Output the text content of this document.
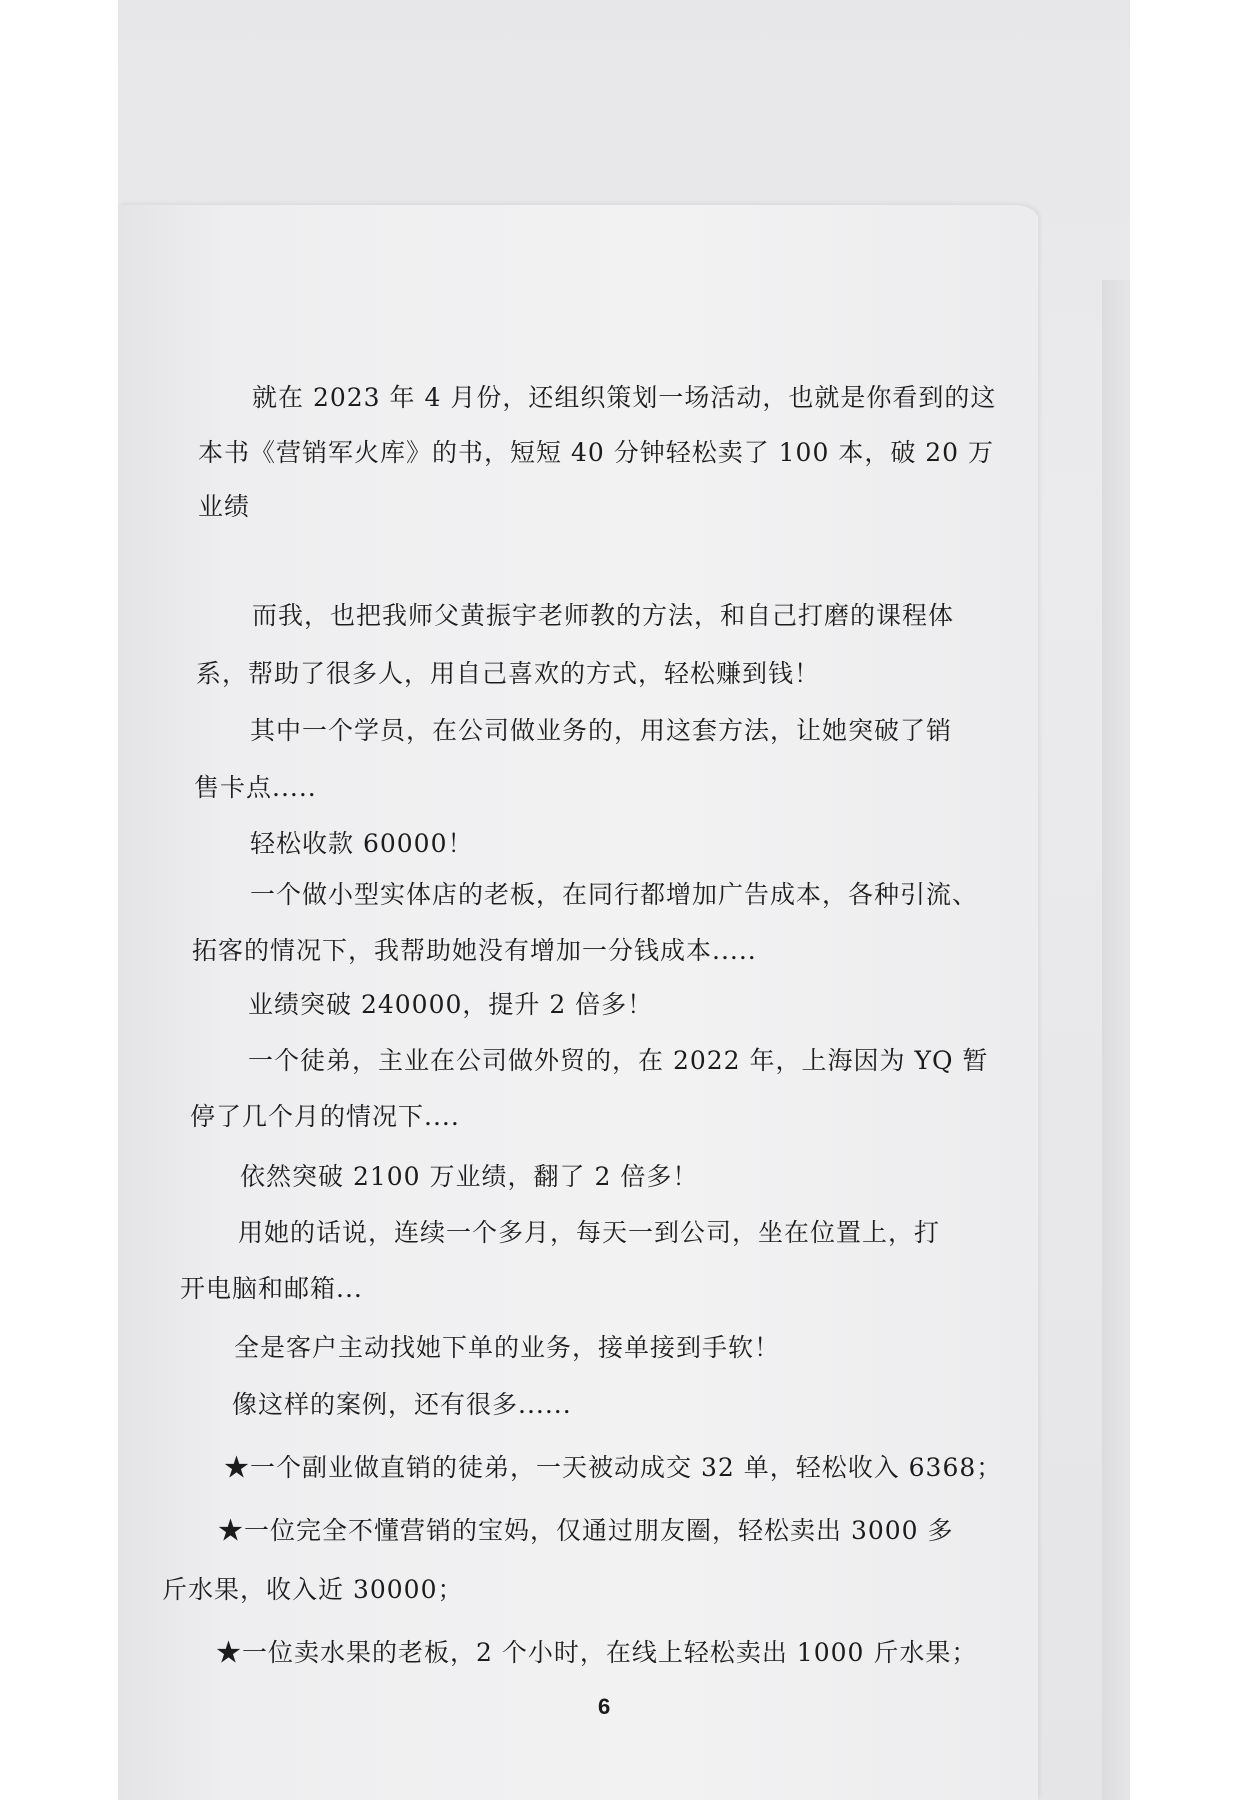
就在 2023 年 4 月份，还组织策划一场活动，也就是你看到的这
本书《营销军火库》的书，短短 40 分钟轻松卖了 100 本，破 20 万
业绩
而我，也把我师父黄振宇老师教的方法，和自己打磨的课程体
系，帮助了很多人，用自己喜欢的方式，轻松赚到钱！
其中一个学员，在公司做业务的，用这套方法，让她突破了销
售卡点.....
轻松收款 60000！
一个做小型实体店的老板，在同行都增加广告成本，各种引流、
拓客的情况下，我帮助她没有增加一分钱成本.....
业绩突破 240000，提升 2 倍多！
一个徒弟，主业在公司做外贸的，在 2022 年，上海因为 YQ 暂
停了几个月的情况下....
依然突破 2100 万业绩，翻了 2 倍多！
用她的话说，连续一个多月，每天一到公司，坐在位置上，打
开电脑和邮箱...
全是客户主动找她下单的业务，接单接到手软！
像这样的案例，还有很多......
★一个副业做直销的徒弟，一天被动成交 32 单，轻松收入 6368；
★一位完全不懂营销的宝妈，仅通过朋友圈，轻松卖出 3000 多
斤水果，收入近 30000；
★一位卖水果的老板，2 个小时，在线上轻松卖出 1000 斤水果；
6
